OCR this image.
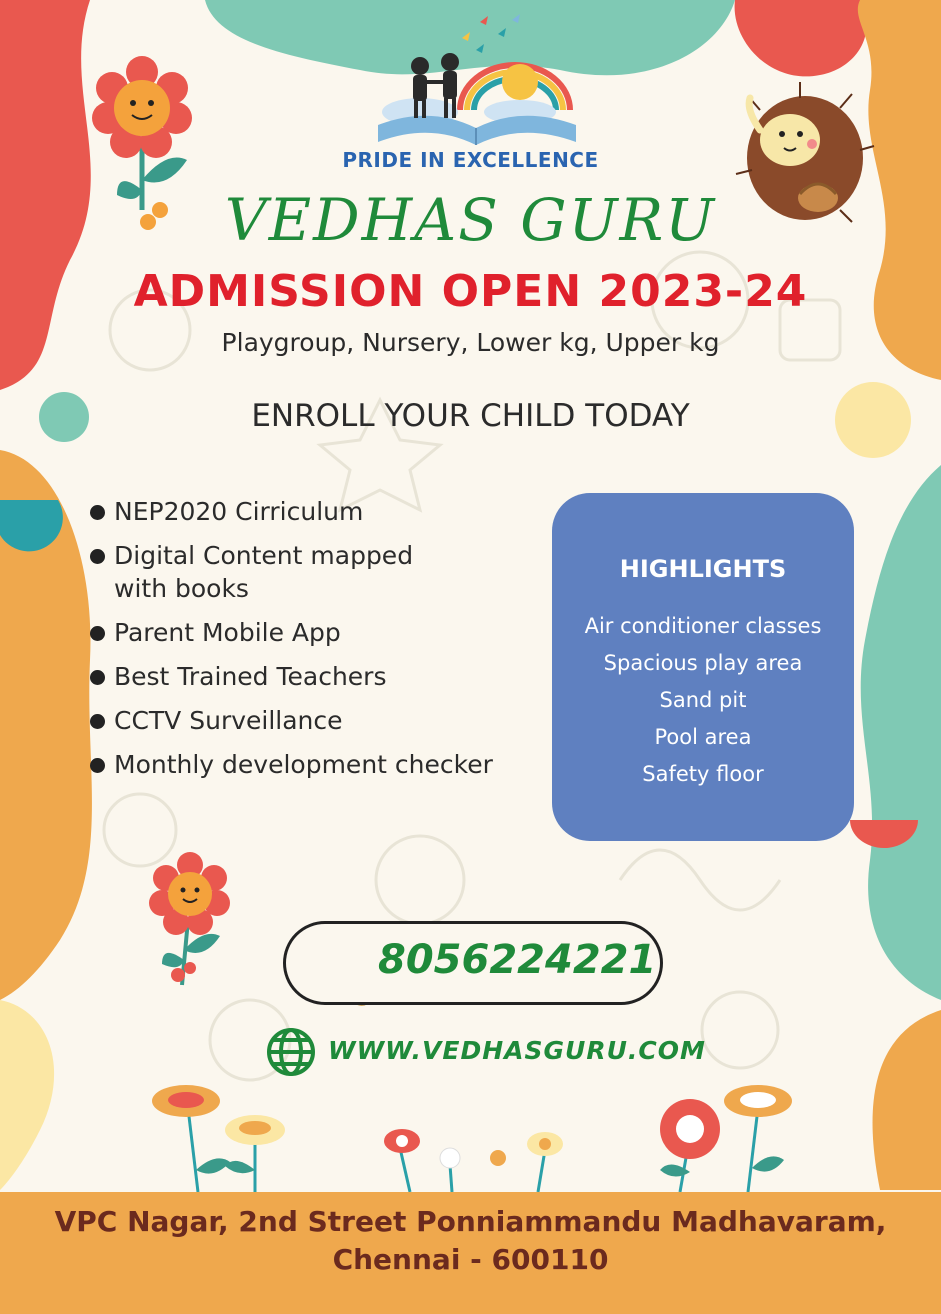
PRIDE IN EXCELLENCE
VEDHAS GURU
ADMISSION OPEN 2023-24
Playgroup, Nursery, Lower kg, Upper kg
ENROLL YOUR CHILD TODAY
NEP2020 Cirriculum
Digital Content mapped with books
Parent Mobile App
Best Trained Teachers
CCTV Surveillance
Monthly development checker
HIGHLIGHTS
Air conditioner classes
Spacious play area
Sand pit
Pool area
Safety floor
8056224221
WWW.VEDHASGURU.COM
VPC Nagar, 2nd Street Ponniammandu Madhavaram,
Chennai - 600110
